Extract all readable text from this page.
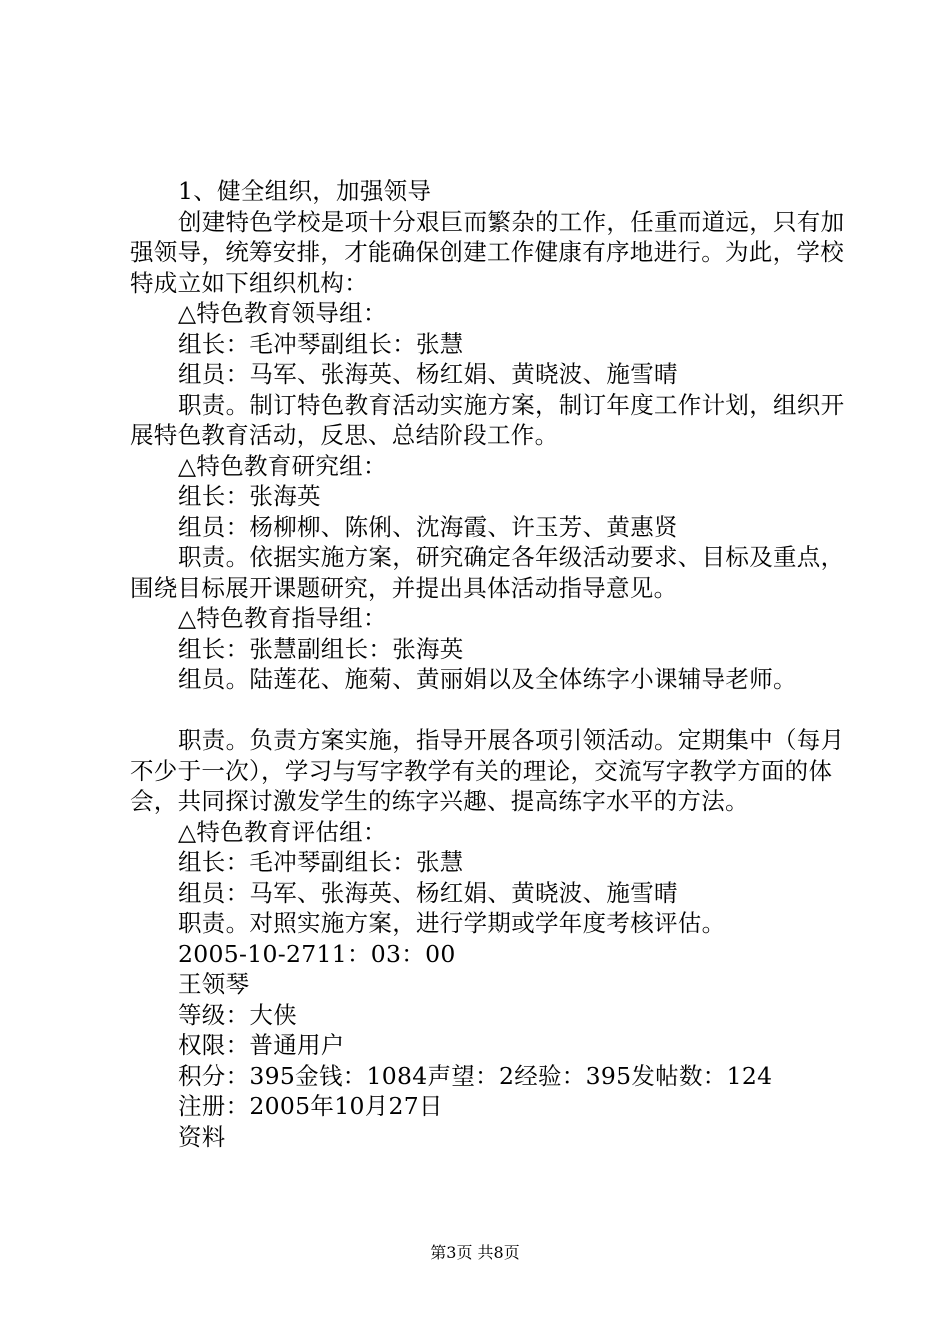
1、健全组织，加强领导

创建特色学校是项十分艰巨而繁杂的工作，任重而道远，只有加强领导，统筹安排，才能确保创建工作健康有序地进行。为此，学校特成立如下组织机构：

△特色教育领导组：

组长：毛冲琴副组长：张慧

组员：马军、张海英、杨红娟、黄晓波、施雪晴

职责。制订特色教育活动实施方案，制订年度工作计划，组织开展特色教育活动，反思、总结阶段工作。

△特色教育研究组：

组长：张海英

组员：杨柳柳、陈俐、沈海霞、许玉芳、黄惠贤

职责。依据实施方案，研究确定各年级活动要求、目标及重点，围绕目标展开课题研究，并提出具体活动指导意见。

△特色教育指导组：

组长：张慧副组长：张海英

组员。陆莲花、施菊、黄丽娟以及全体练字小课辅导老师。

职责。负责方案实施，指导开展各项引领活动。定期集中（每月不少于一次），学习与写字教学有关的理论，交流写字教学方面的体会，共同探讨激发学生的练字兴趣、提高练字水平的方法。

△特色教育评估组：

组长：毛冲琴副组长：张慧

组员：马军、张海英、杨红娟、黄晓波、施雪晴

职责。对照实施方案，进行学期或学年度考核评估。

2005-10-2711：03：00

王领琴

等级：大侠

权限：普通用户

积分：395金钱：1084声望：2经验：395发帖数：124

注册：2005年10月27日

资料

第3页 共8页
